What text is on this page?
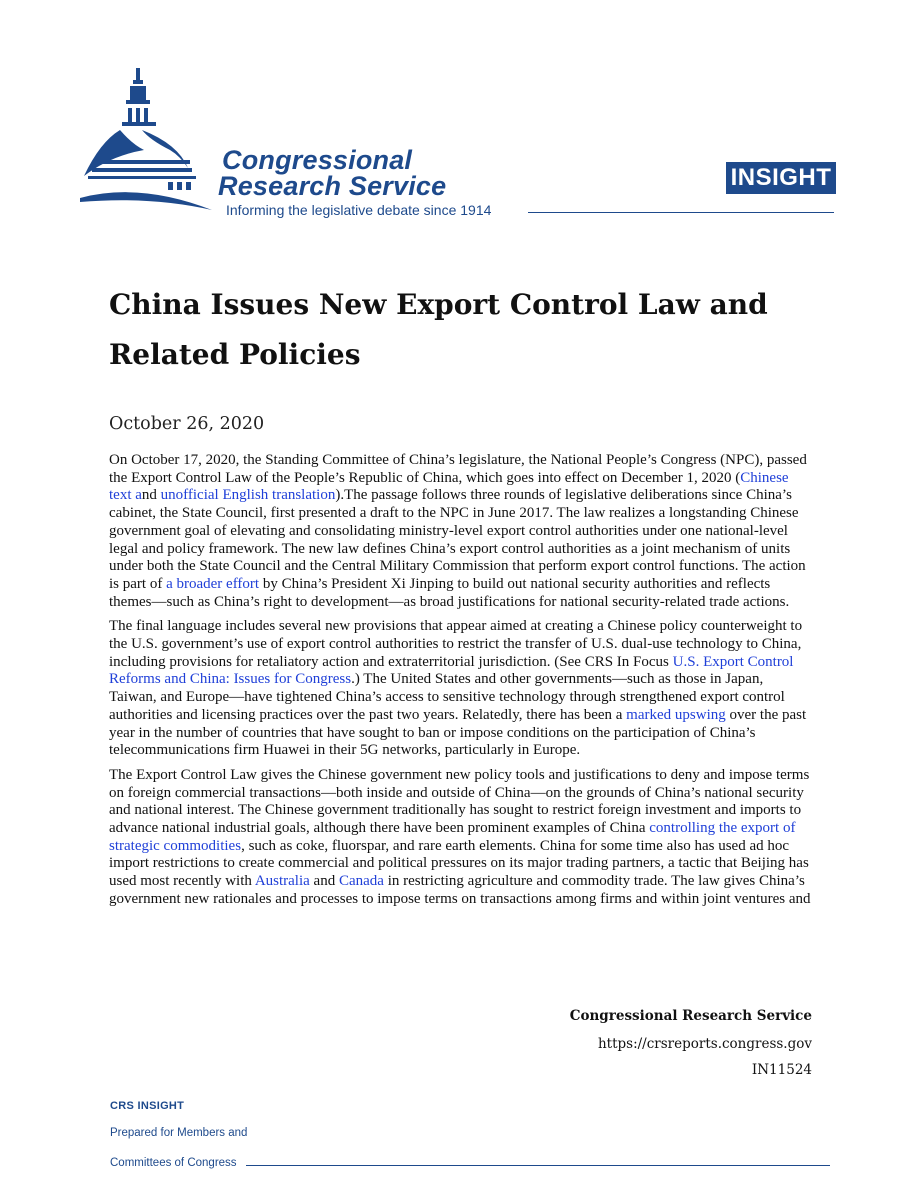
Congressional
Research Service
Informing the legislative debate since 1914
INSIGHT
China Issues New Export Control Law and Related Policies
October 26, 2020

On October 17, 2020, the Standing Committee of China’s legislature, the National People’s Congress (NPC), passed the Export Control Law of the People’s Republic of China, which goes into effect on December 1, 2020 (Chinese text and unofficial English translation).The passage follows three rounds of legislative deliberations since China’s cabinet, the State Council, first presented a draft to the NPC in June 2017. The law realizes a longstanding Chinese government goal of elevating and consolidating ministry-level export control authorities under one national-level legal and policy framework. The new law defines China’s export control authorities as a joint mechanism of units under both the State Council and the Central Military Commission that perform export control functions. The action is part of a broader effort by China’s President Xi Jinping to build out national security authorities and reflects themes—such as China’s right to development—as broad justifications for national security-related trade actions.

The final language includes several new provisions that appear aimed at creating a Chinese policy counterweight to the U.S. government’s use of export control authorities to restrict the transfer of U.S. dual-use technology to China, including provisions for retaliatory action and extraterritorial jurisdiction. (See CRS In Focus U.S. Export Control Reforms and China: Issues for Congress.) The United States and other governments—such as those in Japan, Taiwan, and Europe—have tightened China’s access to sensitive technology through strengthened export control authorities and licensing practices over the past two years. Relatedly, there has been a marked upswing over the past year in the number of countries that have sought to ban or impose conditions on the participation of China’s telecommunications firm Huawei in their 5G networks, particularly in Europe.

The Export Control Law gives the Chinese government new policy tools and justifications to deny and impose terms on foreign commercial transactions—both inside and outside of China—on the grounds of China’s national security and national interest. The Chinese government traditionally has sought to restrict foreign investment and imports to advance national industrial goals, although there have been prominent examples of China controlling the export of strategic commodities, such as coke, fluorspar, and rare earth elements. China for some time also has used ad hoc import restrictions to create commercial and political pressures on its major trading partners, a tactic that Beijing has used most recently with Australia and Canada in restricting agriculture and commodity trade. The law gives China’s government new rationales and processes to impose terms on transactions among firms and within joint ventures and

Congressional Research Service
https://crsreports.congress.gov
IN11524
CRS INSIGHT
Prepared for Members and
Committees of Congress
